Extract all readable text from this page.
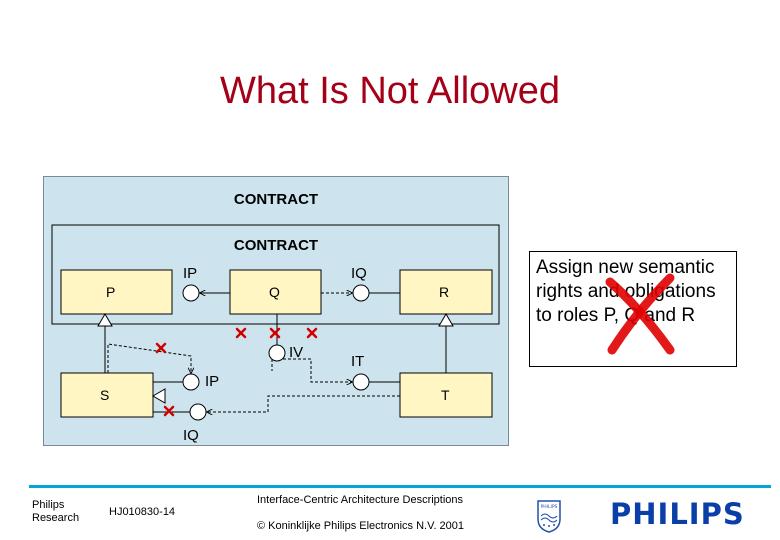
What Is Not Allowed
CONTRACT
CONTRACT
P	Q	R
S	T
IP	IQ
IV
IT
IP
IQ
Assign new semantic rights and obligations to roles P, Q and R
Philips
Research	HJ010830-14
Interface-Centric Architecture Descriptions
© Koninklijke Philips Electronics N.V. 2001
PHILIPS PHILIPS
